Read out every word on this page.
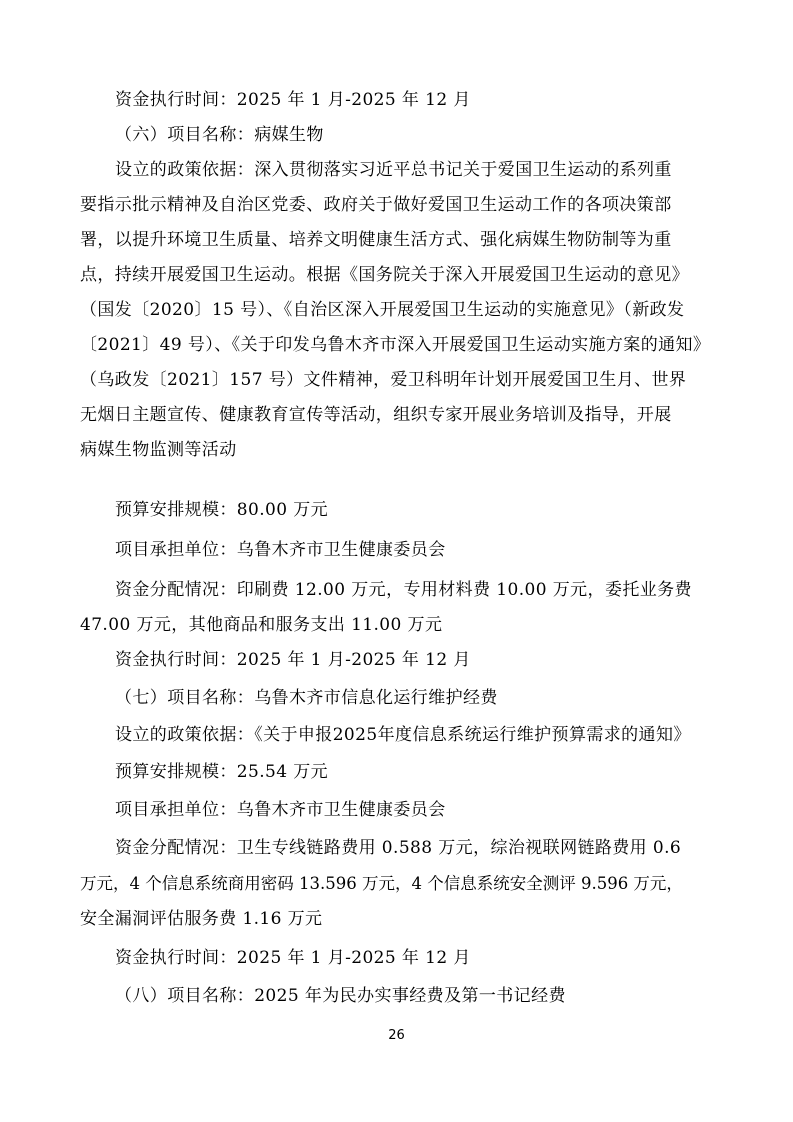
资金执行时间：2025 年 1 月-2025 年 12 月
（六）项目名称：病媒生物
设立的政策依据：深入贯彻落实习近平总书记关于爱国卫生运动的系列重
要指示批示精神及自治区党委、政府关于做好爱国卫生运动工作的各项决策部
署，以提升环境卫生质量、培养文明健康生活方式、强化病媒生物防制等为重
点，持续开展爱国卫生运动。根据《国务院关于深入开展爱国卫生运动的意见》
（国发〔2020〕15 号）、《自治区深入开展爱国卫生运动的实施意见》（新政发
〔2021〕49 号）、《关于印发乌鲁木齐市深入开展爱国卫生运动实施方案的通知》
（乌政发〔2021〕157 号）文件精神，爱卫科明年计划开展爱国卫生月、世界
无烟日主题宣传、健康教育宣传等活动，组织专家开展业务培训及指导，开展
病媒生物监测等活动
预算安排规模：80.00 万元
项目承担单位：乌鲁木齐市卫生健康委员会
资金分配情况：印刷费 12.00 万元，专用材料费 10.00 万元，委托业务费
47.00 万元，其他商品和服务支出 11.00 万元
资金执行时间：2025 年 1 月-2025 年 12 月
（七）项目名称：乌鲁木齐市信息化运行维护经费
设立的政策依据：《关于申报2025年度信息系统运行维护预算需求的通知》
预算安排规模：25.54 万元
项目承担单位：乌鲁木齐市卫生健康委员会
资金分配情况：卫生专线链路费用 0.588 万元，综治视联网链路费用 0.6
万元，4 个信息系统商用密码 13.596 万元，4 个信息系统安全测评 9.596 万元，
安全漏洞评估服务费 1.16 万元
资金执行时间：2025 年 1 月-2025 年 12 月
（八）项目名称：2025 年为民办实事经费及第一书记经费
26
